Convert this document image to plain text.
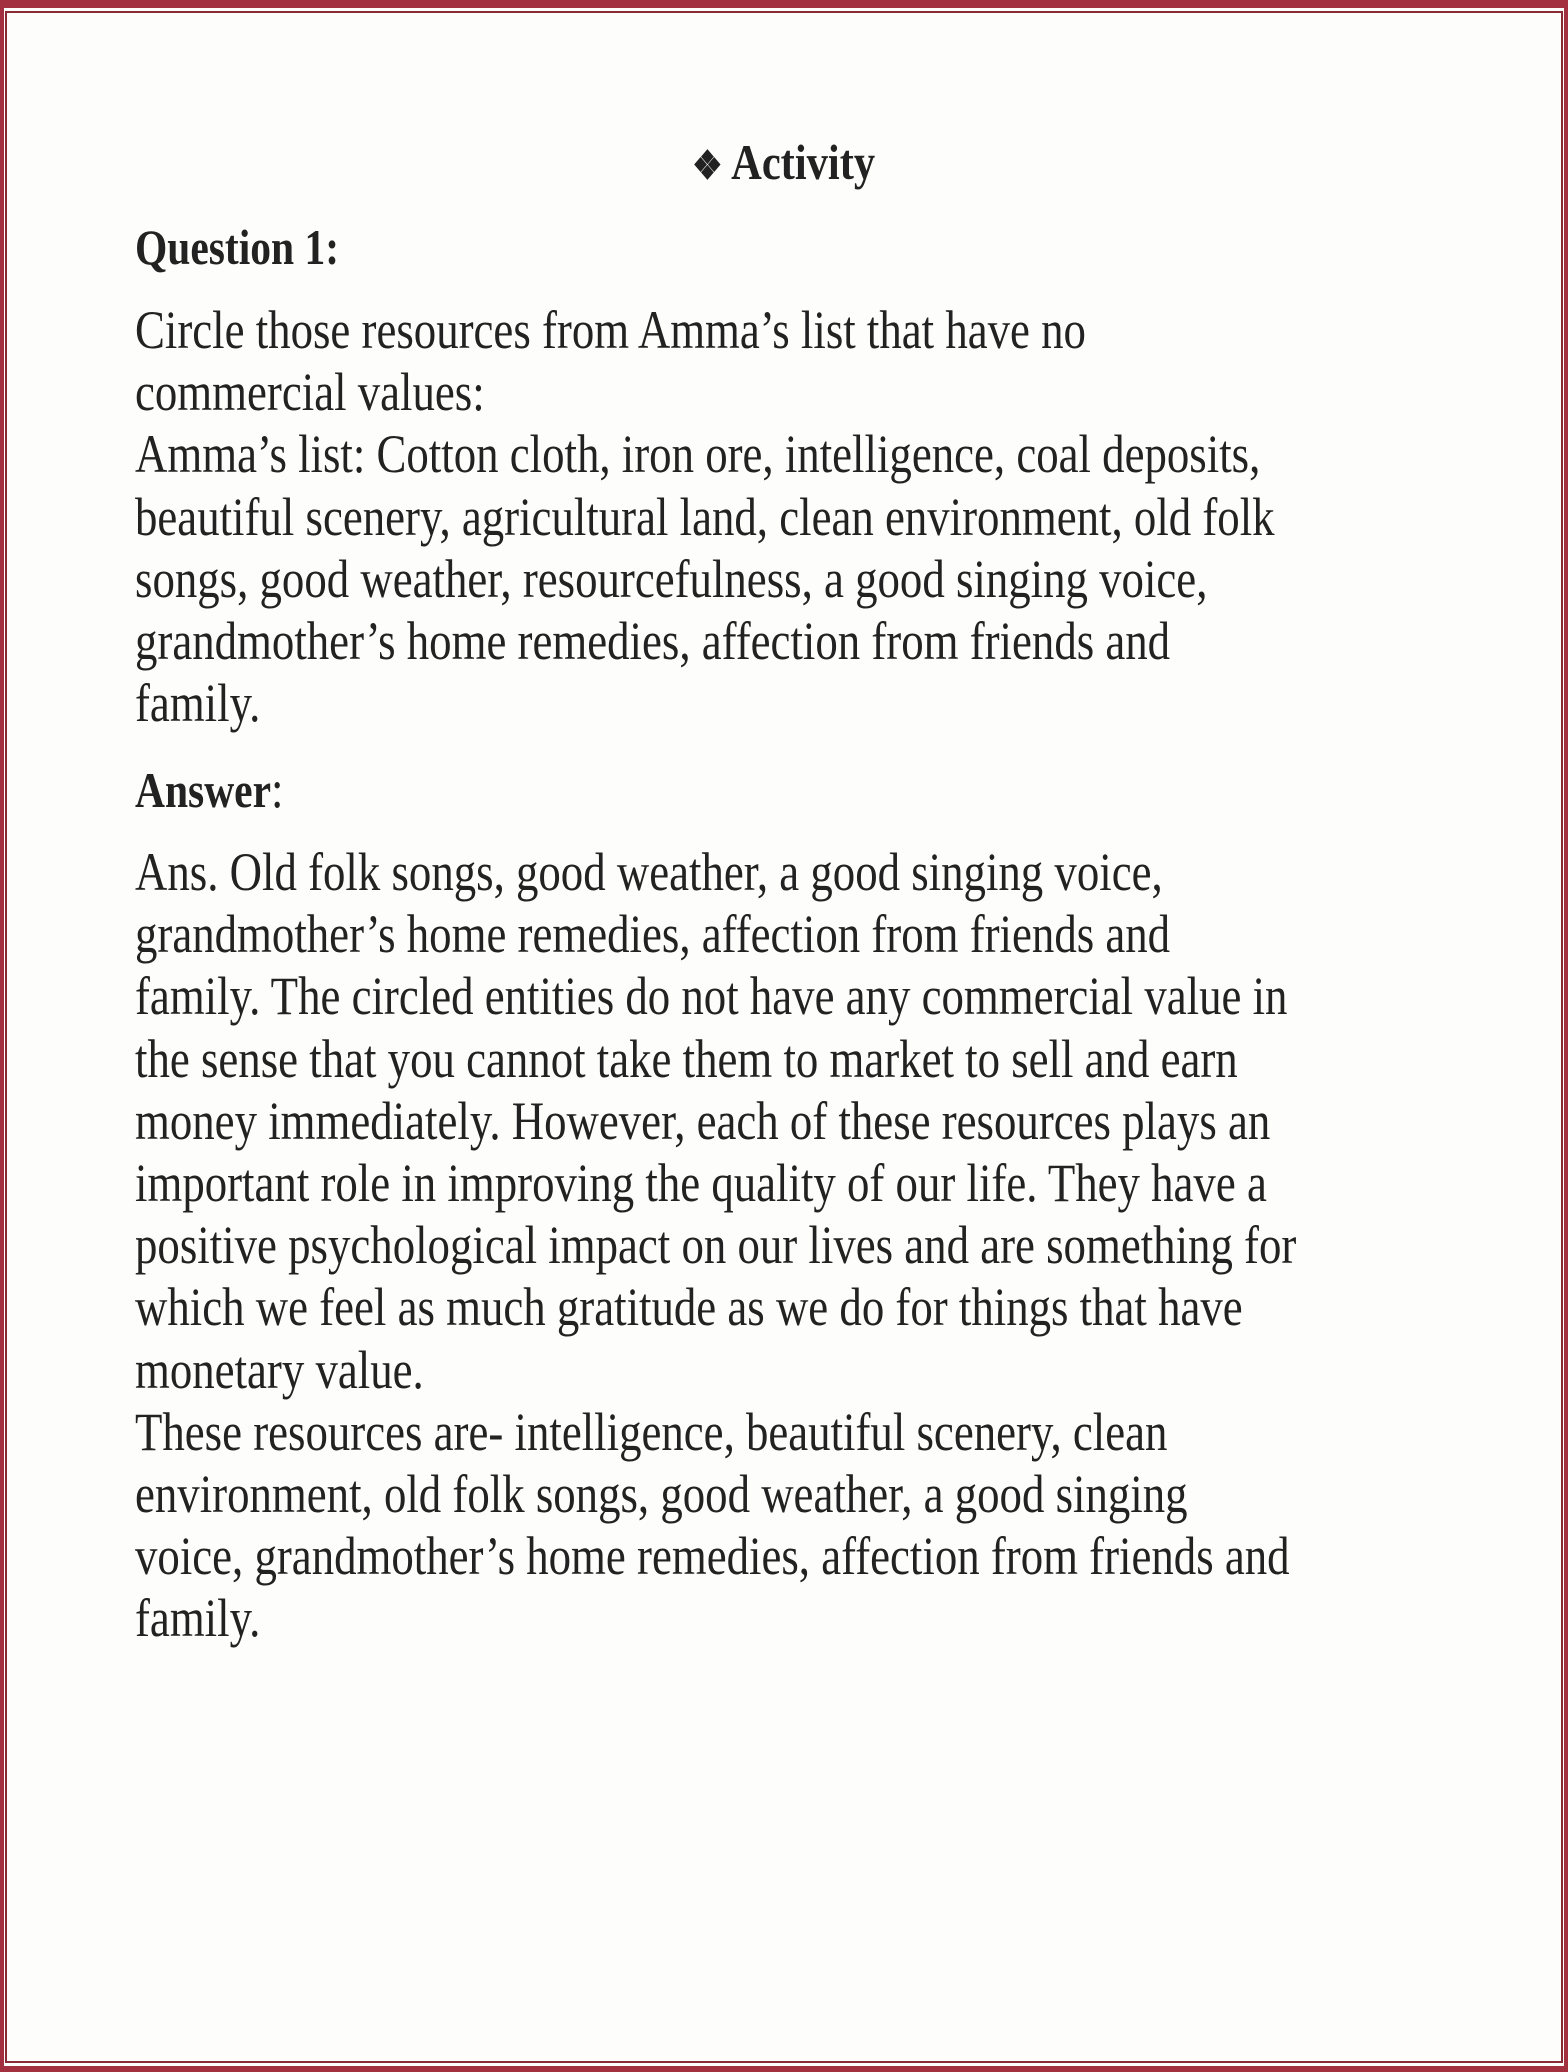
❖ Activity
Question 1:
Circle those resources from Amma’s list that have no
commercial values:
Amma’s list: Cotton cloth, iron ore, intelligence, coal deposits,
beautiful scenery, agricultural land, clean environment, old folk
songs, good weather, resourcefulness, a good singing voice,
grandmother’s home remedies, affection from friends and
family.
Answer:
Ans. Old folk songs, good weather, a good singing voice,
grandmother’s home remedies, affection from friends and
family. The circled entities do not have any commercial value in
the sense that you cannot take them to market to sell and earn
money immediately. However, each of these resources plays an
important role in improving the quality of our life. They have a
positive psychological impact on our lives and are something for
which we feel as much gratitude as we do for things that have
monetary value.
These resources are- intelligence, beautiful scenery, clean
environment, old folk songs, good weather, a good singing
voice, grandmother’s home remedies, affection from friends and
family.
